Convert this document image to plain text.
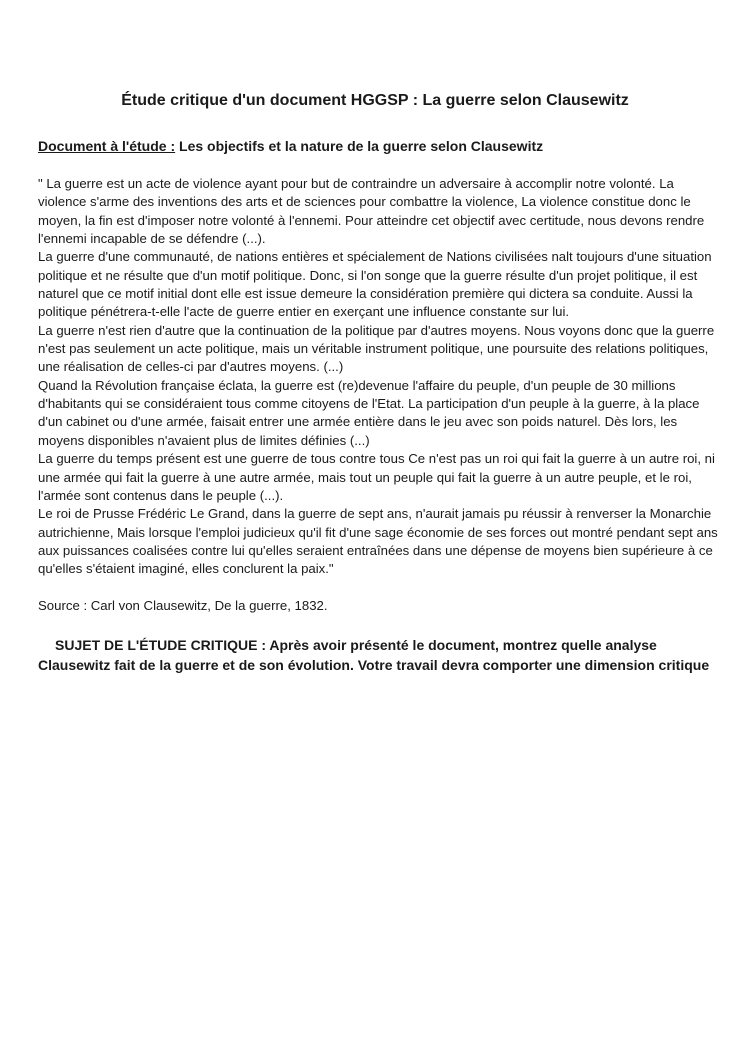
Étude critique d'un document HGGSP : La guerre selon Clausewitz
Document à l'étude : Les objectifs et la nature de la guerre selon Clausewitz

" La guerre est un acte de violence ayant pour but de contraindre un adversaire à accomplir notre volonté. La violence s'arme des inventions des arts et de sciences pour combattre la violence, La violence constitue donc le moyen, la fin est d'imposer notre volonté à l'ennemi. Pour atteindre cet objectif avec certitude, nous devons rendre l'ennemi incapable de se défendre (...).

La guerre d'une communauté, de nations entières et spécialement de Nations civilisées nalt toujours d'une situation politique et ne résulte que d'un motif politique. Donc, si l'on songe que la guerre résulte d'un projet politique, il est naturel que ce motif initial dont elle est issue demeure la considération première qui dictera sa conduite. Aussi la politique pénétrera-t-elle l'acte de guerre entier en exerçant une influence constante sur lui.

La guerre n'est rien d'autre que la continuation de la politique par d'autres moyens. Nous voyons donc que la guerre n'est pas seulement un acte politique, mais un véritable instrument politique, une poursuite des relations politiques, une réalisation de celles-ci par d'autres moyens. (...)

Quand la Révolution française éclata, la guerre est (re)devenue l'affaire du peuple, d'un peuple de 30 millions d'habitants qui se considéraient tous comme citoyens de l'Etat. La participation d'un peuple à la guerre, à la place d'un cabinet ou d'une armée, faisait entrer une armée entière dans le jeu avec son poids naturel. Dès lors, les moyens disponibles n'avaient plus de limites définies (...)

La guerre du temps présent est une guerre de tous contre tous Ce n'est pas un roi qui fait la guerre à un autre roi, ni une armée qui fait la guerre à une autre armée, mais tout un peuple qui fait la guerre à un autre peuple, et le roi, l'armée sont contenus dans le peuple (...).

Le roi de Prusse Frédéric Le Grand, dans la guerre de sept ans, n'aurait jamais pu réussir à renverser la Monarchie autrichienne, Mais lorsque l'emploi judicieux qu'il fit d'une sage économie de ses forces out montré pendant sept ans aux puissances coalisées contre lui qu'elles seraient entraînées dans une dépense de moyens bien supérieure à ce qu'elles s'étaient imaginé, elles conclurent la paix."

Source : Carl von Clausewitz, De la guerre, 1832.

SUJET DE L'ÉTUDE CRITIQUE : Après avoir présenté le document, montrez quelle analyse Clausewitz fait de la guerre et de son évolution. Votre travail devra comporter une dimension critique
